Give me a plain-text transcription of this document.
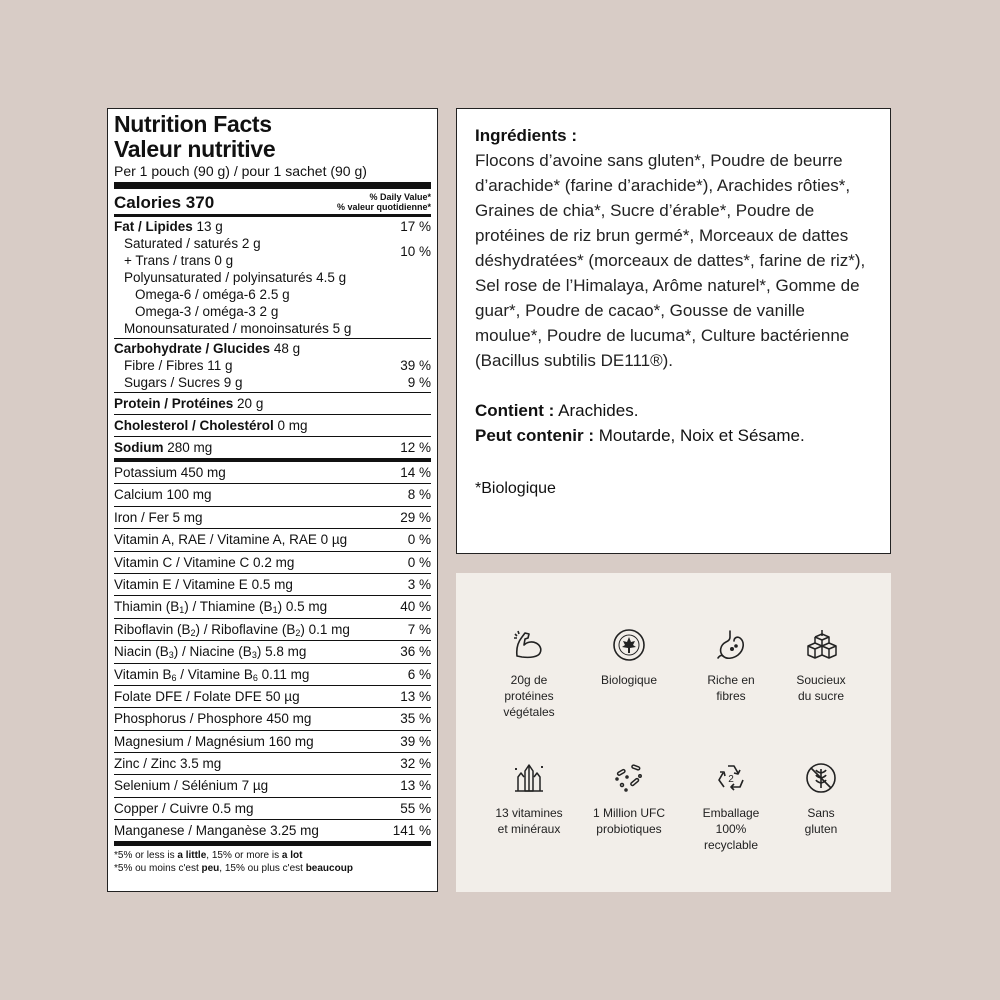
Nutrition Facts
Valeur nutritive
Per 1 pouch (90 g) / pour 1 sachet (90 g)
Calories 370	% Daily Value*
% valeur quotidienne*
Fat / Lipides 13 g	17 %
Saturated / saturés 2 g
+ Trans / trans 0 g
10 %
Polyunsaturated / polyinsaturés 4.5 g
Omega-6 / oméga-6 2.5 g
Omega-3 / oméga-3 2 g
Monounsaturated / monoinsaturés 5 g
Carbohydrate / Glucides 48 g
Fibre / Fibres 11 g	39 %
Sugars / Sucres 9 g	9 %
Protein / Protéines 20 g
Cholesterol / Cholestérol 0 mg
Sodium 280 mg	12 %
Potassium 450 mg	14 %
Calcium 100 mg	8 %
Iron / Fer 5 mg	29 %
Vitamin A, RAE / Vitamine A, RAE 0 µg	0 %
Vitamin C / Vitamine C 0.2 mg	0 %
Vitamin E / Vitamine E 0.5 mg	3 %
Thiamin $(B_1)$ / Thiamine $(B_1)$ 0.5 mg	40 %
Riboflavin $(B_2)$ / Riboflavine $(B_2)$ 0.1 mg	7 %
Niacin $(B_3)$ / Niacine $(B_3)$ 5.8 mg	36 %
Vitamin $B_6$ / Vitamine $B_6$ 0.11 mg	6 %
Folate DFE / Folate DFE 50 µg	13 %
Phosphorus / Phosphore 450 mg	35 %
Magnesium / Magnésium 160 mg	39 %
Zinc / Zinc 3.5 mg	32 %
Selenium / Sélénium 7 µg	13 %
Copper / Cuivre 0.5 mg	55 %
Manganese / Manganèse 3.25 mg	141 %
*5% or less is a little, 15% or more is a lot
*5% ou moins c'est peu, 15% ou plus c'est beaucoup
Ingrédients :
Flocons d’avoine sans gluten*, Poudre de beurre d’arachide* (farine d’arachide*), Arachides rôties*, Graines de chia*, Sucre d’érable*, Poudre de protéines de riz brun germé*, Morceaux de dattes déshydratées* (morceaux de dattes*, farine de riz*), Sel rose de l’Himalaya, Arôme naturel*, Gomme de guar*, Poudre de cacao*, Gousse de vanille moulue*, Poudre de lucuma*, Culture bactérienne (Bacillus subtilis DE111®).
Contient : Arachides.
Peut contenir : Moutarde, Noix et Sésame.
*Biologique
20g de
protéines
végétales
Biologique	Riche en
fibres
Soucieux
du sucre
13 vitamines
et minéraux
1 Million UFC
probiotiques
2
Emballage
100%
recyclable
Sans
gluten
